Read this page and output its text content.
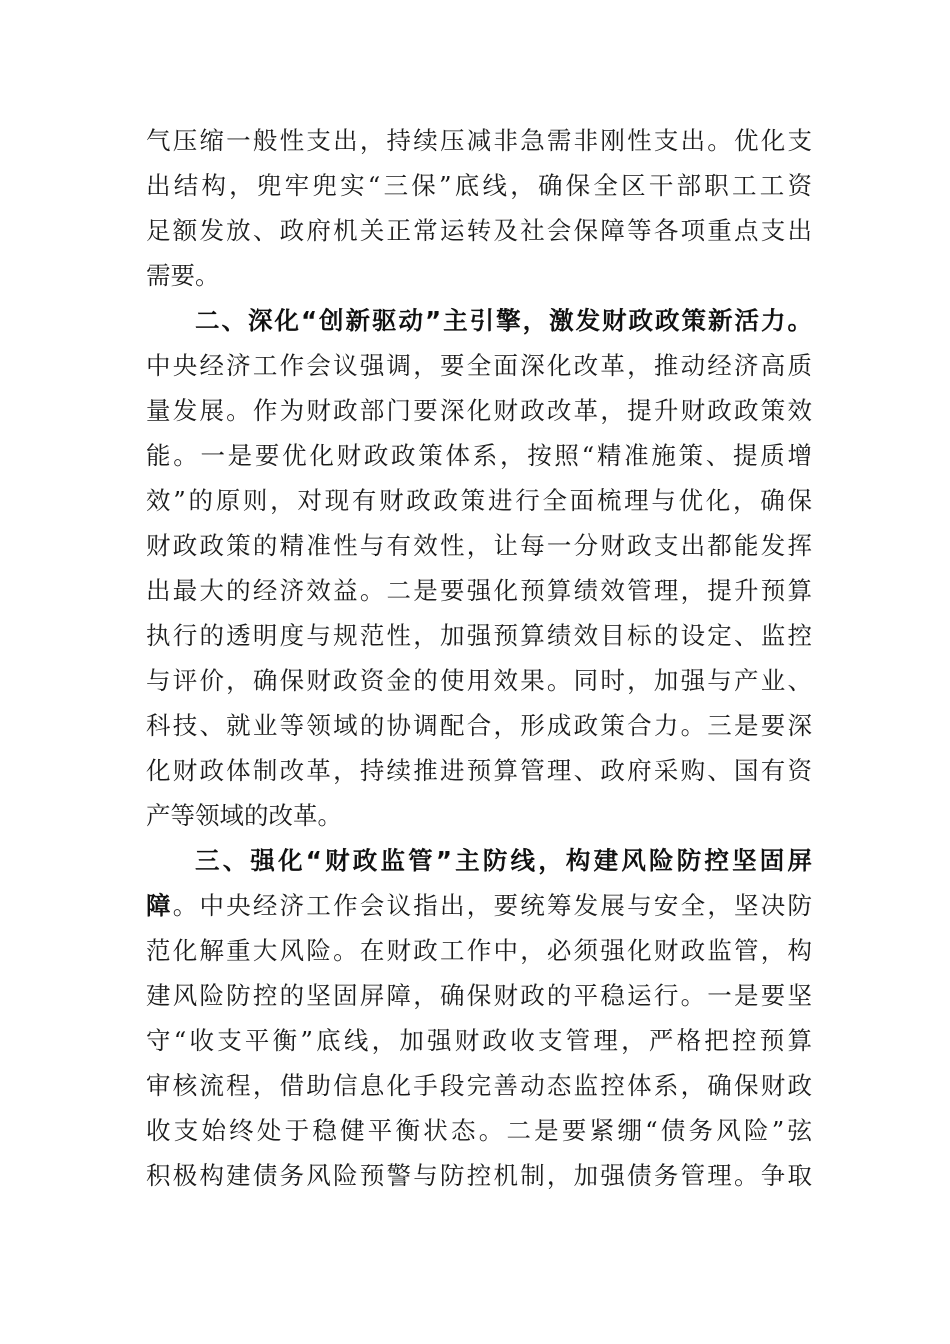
气压缩一般性支出，持续压减非急需非刚性支出。优化支
出结构，兜牢兜实“三保”底线，确保全区干部职工工资
足额发放、政府机关正常运转及社会保障等各项重点支出
需要。
二、深化“创新驱动”主引擎，激发财政政策新活力。
中央经济工作会议强调，要全面深化改革，推动经济高质
量发展。作为财政部门要深化财政改革，提升财政政策效
能。一是要优化财政政策体系，按照“精准施策、提质增
效”的原则，对现有财政政策进行全面梳理与优化，确保
财政政策的精准性与有效性，让每一分财政支出都能发挥
出最大的经济效益。二是要强化预算绩效管理，提升预算
执行的透明度与规范性，加强预算绩效目标的设定、监控
与评价，确保财政资金的使用效果。同时，加强与产业、
科技、就业等领域的协调配合，形成政策合力。三是要深
化财政体制改革，持续推进预算管理、政府采购、国有资
产等领域的改革。
三、强化“财政监管”主防线，构建风险防控坚固屏
障。中央经济工作会议指出，要统筹发展与安全，坚决防
范化解重大风险。在财政工作中，必须强化财政监管，构
建风险防控的坚固屏障，确保财政的平稳运行。一是要坚
守“收支平衡”底线，加强财政收支管理，严格把控预算
审核流程，借助信息化手段完善动态监控体系，确保财政
收支始终处于稳健平衡状态。二是要紧绷“债务风险”弦
积极构建债务风险预警与防控机制，加强债务管理。争取
